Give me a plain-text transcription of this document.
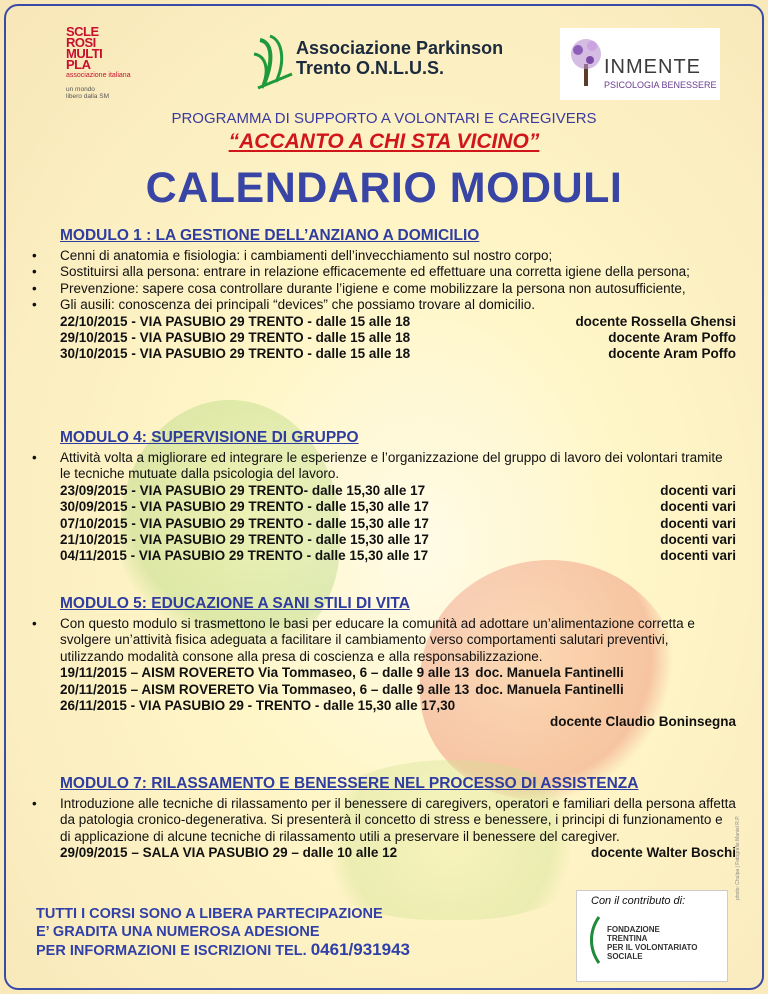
SCLE
ROSI
MULTI
PLA
associazione italiana
un mondo
libero dalla SM
Associazione Parkinson
Trento O.N.L.U.S.	INMENTE
PSICOLOGIA BENESSERE
PROGRAMMA DI SUPPORTO A VOLONTARI E CAREGIVERS
“ACCANTO A CHI STA VICINO”
CALENDARIO MODULI
MODULO 1 : LA GESTIONE DELL’ANZIANO A DOMICILIO
• Cenni di anatomia e fisiologia: i cambiamenti dell’invecchiamento sul nostro corpo;
• Sostituirsi alla persona: entrare in relazione efficacemente ed effettuare una corretta igiene della persona;
• Prevenzione: sapere cosa controllare durante l’igiene e come mobilizzare la persona non autosufficiente,
• Gli ausili: conoscenza dei principali “devices” che possiamo trovare al domicilio.
22/10/2015 - VIA PASUBIO 29 TRENTO - dalle 15 alle 18	docente Rossella Ghensi
29/10/2015 - VIA PASUBIO 29 TRENTO - dalle 15 alle 18	docente Aram Poffo
30/10/2015 - VIA PASUBIO 29 TRENTO - dalle 15 alle 18	docente Aram Poffo
MODULO 4: SUPERVISIONE DI GRUPPO
• Attività volta a migliorare ed integrare le esperienze e l’organizzazione del gruppo di lavoro dei volontari tramite le tecniche mutuate dalla psicologia del lavoro.
23/09/2015 - VIA PASUBIO 29 TRENTO- dalle 15,30 alle 17	docenti vari
30/09/2015 - VIA PASUBIO 29 TRENTO - dalle 15,30 alle 17	docenti vari
07/10/2015 - VIA PASUBIO 29 TRENTO - dalle 15,30 alle 17	docenti vari
21/10/2015 - VIA PASUBIO 29 TRENTO - dalle 15,30 alle 17	docenti vari
04/11/2015 - VIA PASUBIO 29 TRENTO - dalle 15,30 alle 17	docenti vari
MODULO 5: EDUCAZIONE A SANI STILI DI VITA
• Con questo modulo si trasmettono le basi per educare la comunità ad adottare un’alimentazione corretta e svolgere un’attività fisica adeguata a facilitare il cambiamento verso comportamenti salutari preventivi, utilizzando modalità consone alla presa di coscienza e alla responsabilizzazione.
19/11/2015 – AISM ROVERETO Via Tommaseo, 6 – dalle 9 alle 13 doc. Manuela Fantinelli
20/11/2015 – AISM ROVERETO Via Tommaseo, 6 – dalle 9 alle 13 doc. Manuela Fantinelli
26/11/2015 - VIA PASUBIO 29 - TRENTO - dalle 15,30 alle 17,30
docente Claudio Boninsegna
MODULO 7: RILASSAMENTO E BENESSERE NEL PROCESSO DI ASSISTENZA
• Introduzione alle tecniche di rilassamento per il benessere di caregivers, operatori e familiari della persona affetta da patologia cronico-degenerativa. Si presenterà il concetto di stress e benessere, i principi di funzionamento e di applicazione di alcune tecniche di rilassamento utili a preservare il benessere del caregiver.
29/09/2015 – SALA VIA PASUBIO 29 – dalle 10 alle 12	docente Walter Boschi
TUTTI I CORSI SONO A LIBERA PARTECIPAZIONE
E’ GRADITA UNA NUMEROSA ADESIONE
PER INFORMAZIONI E ISCRIZIONI TEL. 0461/931943
Con il contributo di:
FONDAZIONE
TRENTINA
PER IL VOLONTARIATO
SOCIALE
photo: Chulpa | Fotografie Maniel R.P.
